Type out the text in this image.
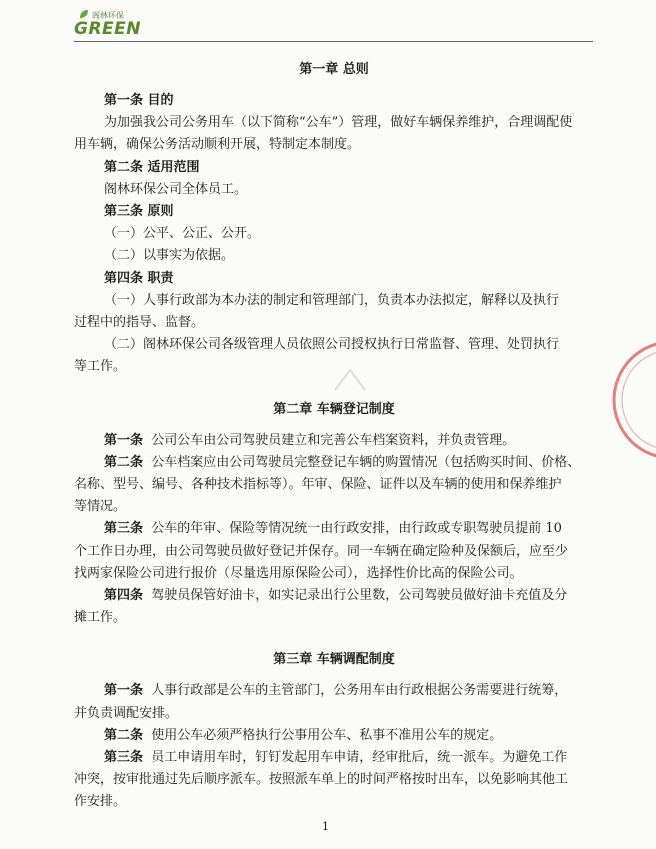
阁林环保
GREEN
第一章 总则
第一条 目的
为加强我公司公务用车（以下简称“公车”）管理，做好车辆保养维护，合理调配使
用车辆，确保公务活动顺利开展，特制定本制度。
第二条 适用范围
阁林环保公司全体员工。
第三条 原则
（一）公平、公正、公开。
（二）以事实为依据。
第四条 职责
（一）人事行政部为本办法的制定和管理部门，负责本办法拟定，解释以及执行
过程中的指导、监督。
（二）阁林环保公司各级管理人员依照公司授权执行日常监督、管理、处罚执行
等工作。
第二章 车辆登记制度
第一条 公司公车由公司驾驶员建立和完善公车档案资料，并负责管理。
第二条 公车档案应由公司驾驶员完整登记车辆的购置情况（包括购买时间、价格、
名称、型号、编号、各种技术指标等）。年审、保险、证件以及车辆的使用和保养维护
等情况。
第三条 公车的年审、保险等情况统一由行政安排，由行政或专职驾驶员提前 10
个工作日办理，由公司驾驶员做好登记并保存。同一车辆在确定险种及保额后，应至少
找两家保险公司进行报价（尽量选用原保险公司），选择性价比高的保险公司。
第四条 驾驶员保管好油卡，如实记录出行公里数，公司驾驶员做好油卡充值及分
摊工作。
第三章 车辆调配制度
第一条 人事行政部是公车的主管部门，公务用车由行政根据公务需要进行统筹，
并负责调配安排。
第二条 使用公车必须严格执行公事用公车、私事不准用公车的规定。
第三条 员工申请用车时，钉钉发起用车申请，经审批后，统一派车。为避免工作
冲突，按审批通过先后顺序派车。按照派车单上的时间严格按时出车，以免影响其他工
作安排。
1
